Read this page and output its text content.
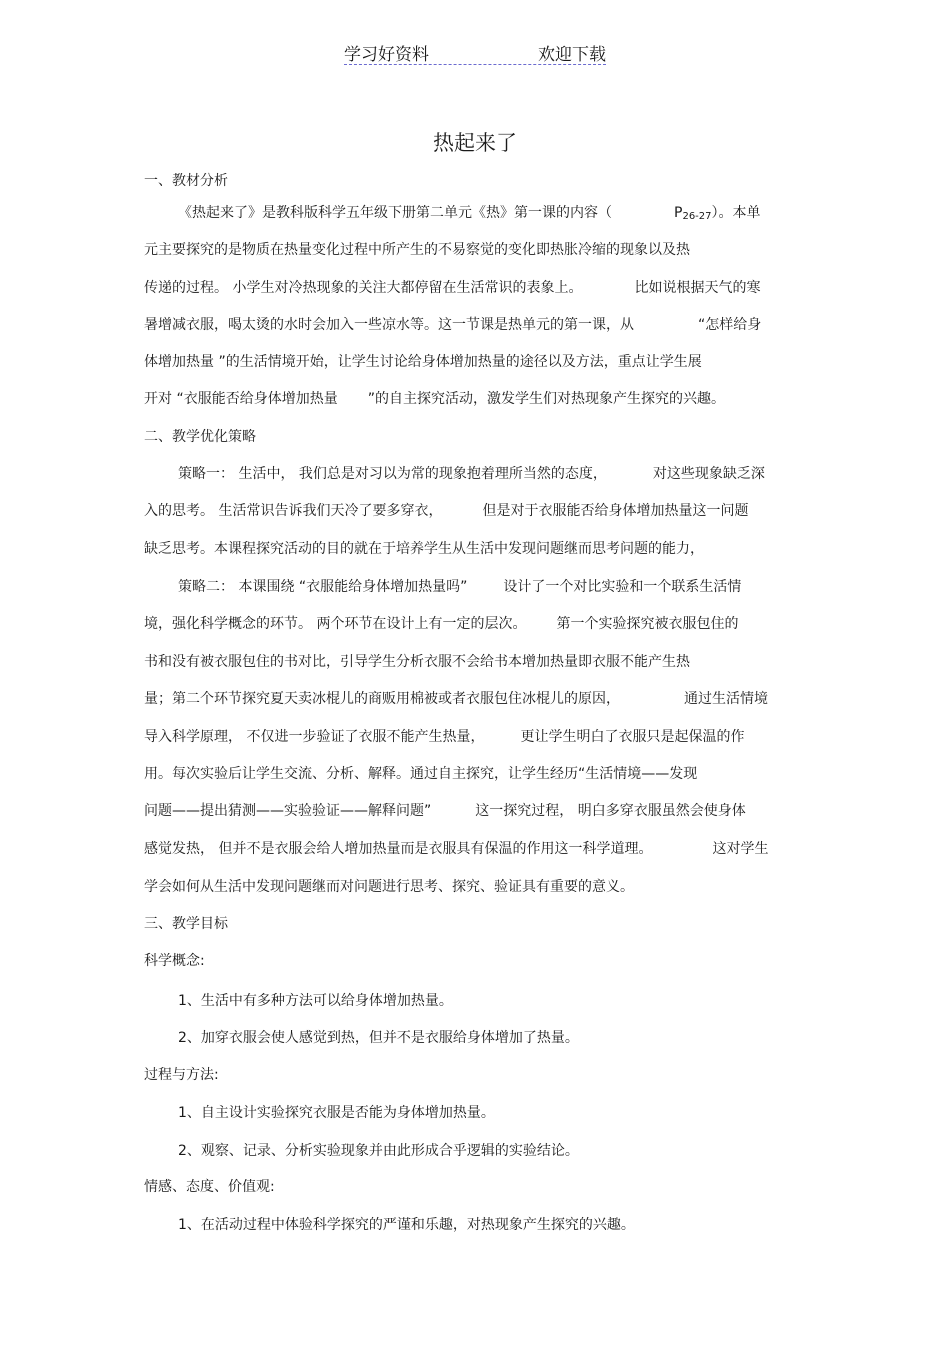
学习好资料	欢迎下载
热起来了
一、教材分析
《热起来了》是教科版科学五年级下册第二单元《热》第一课的内容（	$P_{26-27}$）。本单
元主要探究的是物质在热量变化过程中所产生的不易察觉的变化即热胀冷缩的现象以及热
传递的过程。 小学生对冷热现象的关注大都停留在生活常识的表象上。	比如说根据天气的寒
暑增减衣服，喝太烫的水时会加入一些凉水等。这一节课是热单元的第一课，从	“怎样给身
体增加热量 ”的生活情境开始，让学生讨论给身体增加热量的途径以及方法，重点让学生展
开对 “衣服能否给身体增加热量 ”的自主探究活动，激发学生们对热现象产生探究的兴趣。
二、教学优化策略
策略一： 生活中， 我们总是对习以为常的现象抱着理所当然的态度，	对这些现象缺乏深
入的思考。 生活常识告诉我们天冷了要多穿衣，	但是对于衣服能否给身体增加热量这一问题
缺乏思考。本课程探究活动的目的就在于培养学生从生活中发现问题继而思考问题的能力，
策略二： 本课围绕 “衣服能给身体增加热量吗”	设计了一个对比实验和一个联系生活情
境，强化科学概念的环节。 两个环节在设计上有一定的层次。 第一个实验探究被衣服包住的
书和没有被衣服包住的书对比，引导学生分析衣服不会给书本增加热量即衣服不能产生热
量；第二个环节探究夏天卖冰棍儿的商贩用棉被或者衣服包住冰棍儿的原因，	通过生活情境
导入科学原理， 不仅进一步验证了衣服不能产生热量，	更让学生明白了衣服只是起保温的作
用。每次实验后让学生交流、分析、解释。通过自主探究，让学生经历“生活情境——发现
问题——提出猜测——实验验证——解释问题”	这一探究过程， 明白多穿衣服虽然会使身体
感觉发热， 但并不是衣服会给人增加热量而是衣服具有保温的作用这一科学道理。	这对学生
学会如何从生活中发现问题继而对问题进行思考、探究、验证具有重要的意义。
三、教学目标
科学概念:
1、生活中有多种方法可以给身体增加热量。
2、加穿衣服会使人感觉到热，但并不是衣服给身体增加了热量。
过程与方法:
1、自主设计实验探究衣服是否能为身体增加热量。
2、观察、记录、分析实验现象并由此形成合乎逻辑的实验结论。
情感、态度、价值观:
1、在活动过程中体验科学探究的严谨和乐趣，对热现象产生探究的兴趣。
